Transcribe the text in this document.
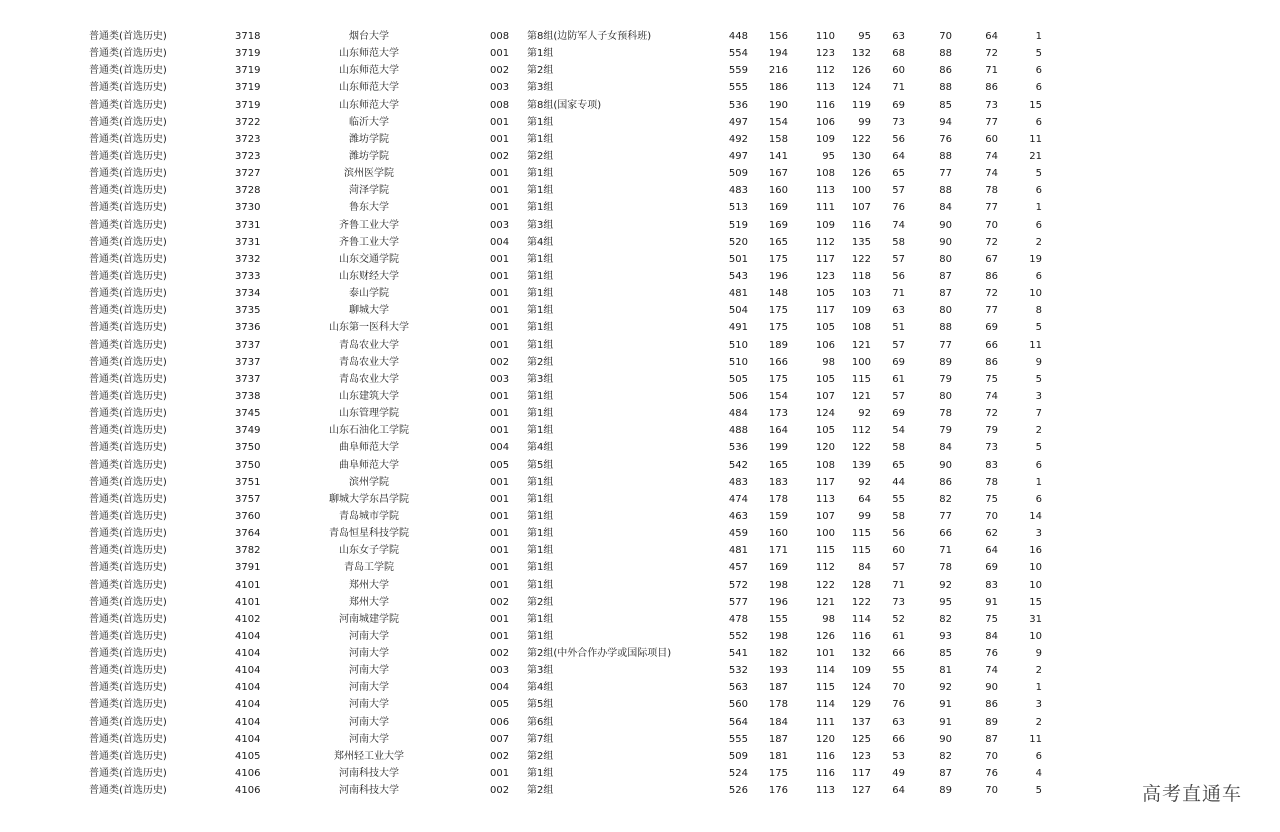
普通类(首选历史)	3718	烟台大学	008 第8组(边防军人子女预科班)	448	156	110	95	63	70	64	1
普通类(首选历史)	3719	山东师范大学	001 第1组	554	194	123	132	68	88	72	5
普通类(首选历史)	3719	山东师范大学	002 第2组	559	216	112	126	60	86	71	6
普通类(首选历史)	3719	山东师范大学	003 第3组	555	186	113	124	71	88	86	6
普通类(首选历史)	3719	山东师范大学	008 第8组(国家专项)	536	190	116	119	69	85	73	15
普通类(首选历史)	3722	临沂大学	001 第1组	497	154	106	99	73	94	77	6
普通类(首选历史)	3723	潍坊学院	001 第1组	492	158	109	122	56	76	60	11
普通类(首选历史)	3723	潍坊学院	002 第2组	497	141	95	130	64	88	74	21
普通类(首选历史)	3727	滨州医学院	001 第1组	509	167	108	126	65	77	74	5
普通类(首选历史)	3728	菏泽学院	001 第1组	483	160	113	100	57	88	78	6
普通类(首选历史)	3730	鲁东大学	001 第1组	513	169	111	107	76	84	77	1
普通类(首选历史)	3731	齐鲁工业大学	003 第3组	519	169	109	116	74	90	70	6
普通类(首选历史)	3731	齐鲁工业大学	004 第4组	520	165	112	135	58	90	72	2
普通类(首选历史)	3732	山东交通学院	001 第1组	501	175	117	122	57	80	67	19
普通类(首选历史)	3733	山东财经大学	001 第1组	543	196	123	118	56	87	86	6
普通类(首选历史)	3734	泰山学院	001 第1组	481	148	105	103	71	87	72	10
普通类(首选历史)	3735	聊城大学	001 第1组	504	175	117	109	63	80	77	8
普通类(首选历史)	3736	山东第一医科大学	001 第1组	491	175	105	108	51	88	69	5
普通类(首选历史)	3737	青岛农业大学	001 第1组	510	189	106	121	57	77	66	11
普通类(首选历史)	3737	青岛农业大学	002 第2组	510	166	98	100	69	89	86	9
普通类(首选历史)	3737	青岛农业大学	003 第3组	505	175	105	115	61	79	75	5
普通类(首选历史)	3738	山东建筑大学	001 第1组	506	154	107	121	57	80	74	3
普通类(首选历史)	3745	山东管理学院	001 第1组	484	173	124	92	69	78	72	7
普通类(首选历史)	3749	山东石油化工学院	001 第1组	488	164	105	112	54	79	79	2
普通类(首选历史)	3750	曲阜师范大学	004 第4组	536	199	120	122	58	84	73	5
普通类(首选历史)	3750	曲阜师范大学	005 第5组	542	165	108	139	65	90	83	6
普通类(首选历史)	3751	滨州学院	001 第1组	483	183	117	92	44	86	78	1
普通类(首选历史)	3757	聊城大学东昌学院	001 第1组	474	178	113	64	55	82	75	6
普通类(首选历史)	3760	青岛城市学院	001 第1组	463	159	107	99	58	77	70	14
普通类(首选历史)	3764	青岛恒星科技学院	001 第1组	459	160	100	115	56	66	62	3
普通类(首选历史)	3782	山东女子学院	001 第1组	481	171	115	115	60	71	64	16
普通类(首选历史)	3791	青岛工学院	001 第1组	457	169	112	84	57	78	69	10
普通类(首选历史)	4101	郑州大学	001 第1组	572	198	122	128	71	92	83	10
普通类(首选历史)	4101	郑州大学	002 第2组	577	196	121	122	73	95	91	15
普通类(首选历史)	4102	河南城建学院	001 第1组	478	155	98	114	52	82	75	31
普通类(首选历史)	4104	河南大学	001 第1组	552	198	126	116	61	93	84	10
普通类(首选历史)	4104	河南大学	002 第2组(中外合作办学或国际项目)	541	182	101	132	66	85	76	9
普通类(首选历史)	4104	河南大学	003 第3组	532	193	114	109	55	81	74	2
普通类(首选历史)	4104	河南大学	004 第4组	563	187	115	124	70	92	90	1
普通类(首选历史)	4104	河南大学	005 第5组	560	178	114	129	76	91	86	3
普通类(首选历史)	4104	河南大学	006 第6组	564	184	111	137	63	91	89	2
普通类(首选历史)	4104	河南大学	007 第7组	555	187	120	125	66	90	87	11
普通类(首选历史)	4105	郑州轻工业大学	002 第2组	509	181	116	123	53	82	70	6
普通类(首选历史)	4106	河南科技大学	001 第1组	524	175	116	117	49	87	76	4
普通类(首选历史)	4106	河南科技大学	002 第2组	526	176	113	127	64	89	70	5	高考直通车
